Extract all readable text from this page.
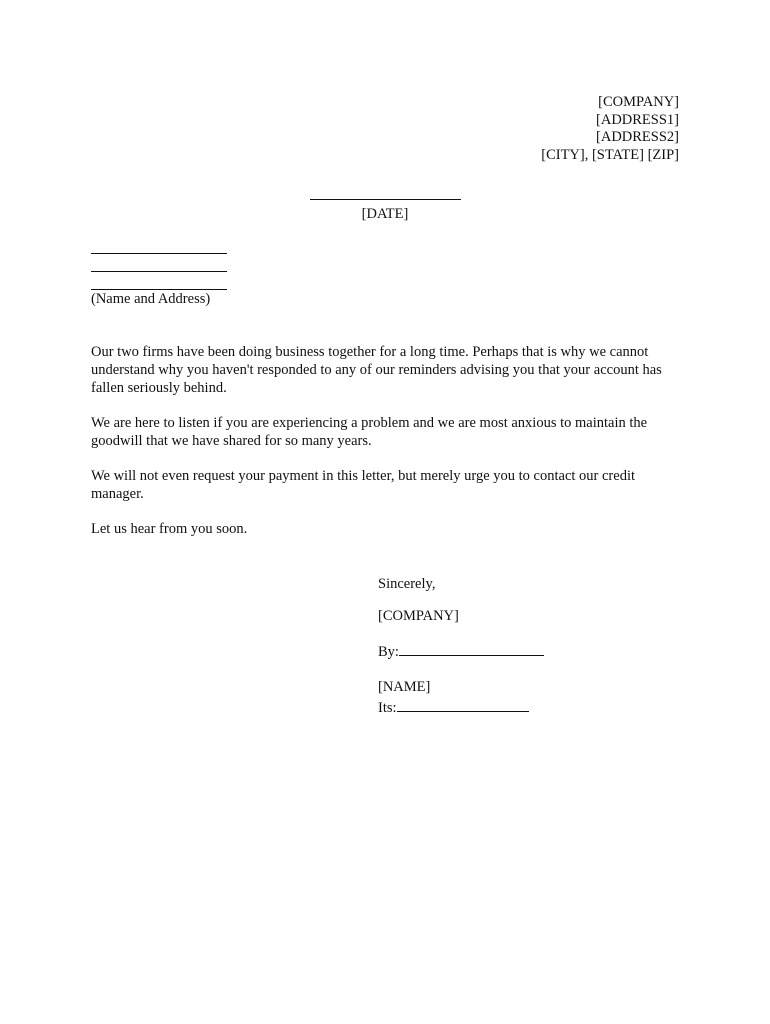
[COMPANY]
[ADDRESS1]
[ADDRESS2]
[CITY], [STATE] [ZIP]
[DATE]
(Name and Address)

Our two firms have been doing business together for a long time. Perhaps that is why we cannot understand why you haven't responded to any of our reminders advising you that your account has fallen seriously behind.

We are here to listen if you are experiencing a problem and we are most anxious to maintain the goodwill that we have shared for so many years.

We will not even request your payment in this letter, but merely urge you to contact our credit manager.

Let us hear from you soon.

Sincerely,
[COMPANY]
By:
[NAME]
Its:
